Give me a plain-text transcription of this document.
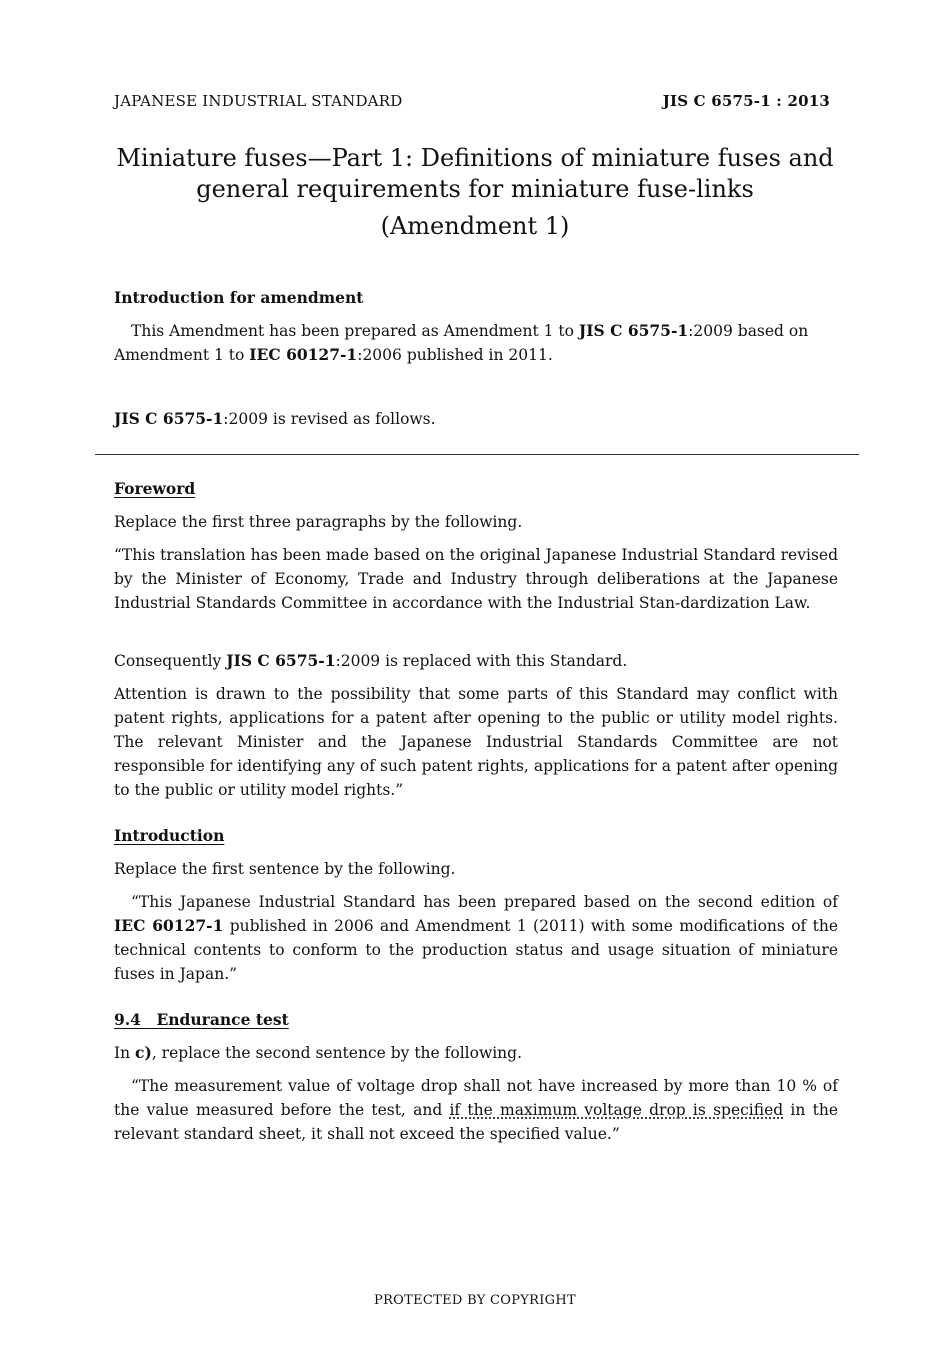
JAPANESE INDUSTRIAL STANDARD	JIS C 6575-1 : 2013
Miniature fuses—Part 1: Definitions of miniature fuses and
general requirements for miniature fuse-links
(Amendment 1)
Introduction for amendment

This Amendment has been prepared as Amendment 1 to JIS C 6575-1:2009 based on

Amendment 1 to IEC 60127-1:2006 published in 2011.

JIS C 6575-1:2009 is revised as follows.
Foreword
Replace the first three paragraphs by the following.
“This translation has been made based on the original Japanese Industrial Standard revised by the Minister of Economy, Trade and Industry through deliberations at the Japanese Industrial Standards Committee in accordance with the Industrial Stan-dardization Law.
Consequently JIS C 6575-1:2009 is replaced with this Standard.
Attention is drawn to the possibility that some parts of this Standard may conflict with patent rights, applications for a patent after opening to the public or utility model rights. The relevant Minister and the Japanese Industrial Standards Committee are not responsible for identifying any of such patent rights, applications for a patent after opening to the public or utility model rights.”
Introduction
Replace the first sentence by the following.
“This Japanese Industrial Standard has been prepared based on the second edition of IEC 60127-1 published in 2006 and Amendment 1 (2011) with some modifications of the technical contents to conform to the production status and usage situation of miniature fuses in Japan.”
9.4  Endurance test
In c), replace the second sentence by the following.
“The measurement value of voltage drop shall not have increased by more than 10 % of the value measured before the test, and if the maximum voltage drop is specified in the relevant standard sheet, it shall not exceed the specified value.”
PROTECTED BY COPYRIGHT
